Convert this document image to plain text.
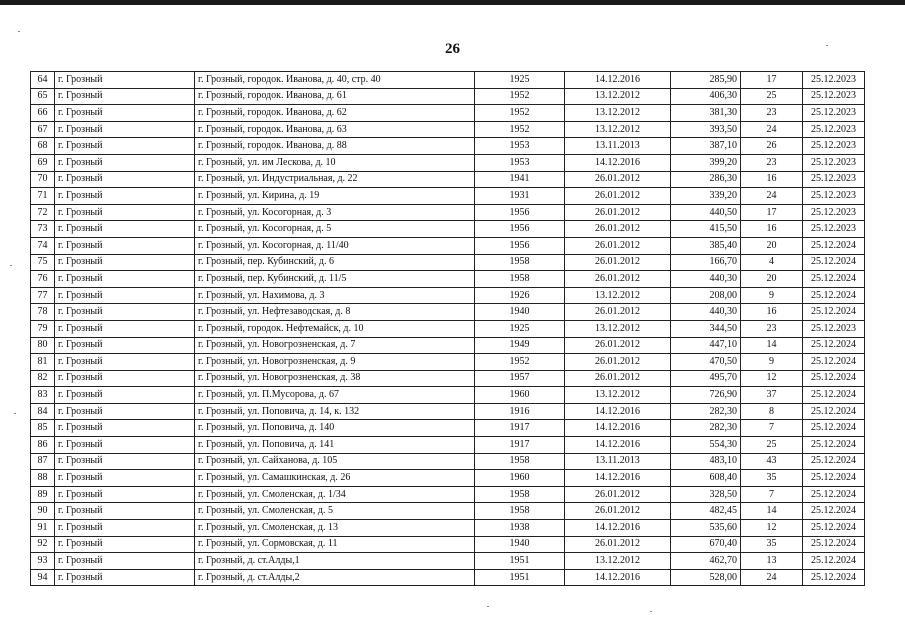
26
64	г. Грозный	г. Грозный, городок. Иванова, д. 40, стр. 40	1925	14.12.2016	285,90	17	25.12.2023
65	г. Грозный	г. Грозный, городок. Иванова, д. 61	1952	13.12.2012	406,30	25	25.12.2023
66	г. Грозный	г. Грозный, городок. Иванова, д. 62	1952	13.12.2012	381,30	23	25.12.2023
67	г. Грозный	г. Грозный, городок. Иванова, д. 63	1952	13.12.2012	393,50	24	25.12.2023
68	г. Грозный	г. Грозный, городок. Иванова, д. 88	1953	13.11.2013	387,10	26	25.12.2023
69	г. Грозный	г. Грозный, ул. им Лескова, д. 10	1953	14.12.2016	399,20	23	25.12.2023
70	г. Грозный	г. Грозный, ул. Индустриальная, д. 22	1941	26.01.2012	286,30	16	25.12.2023
71	г. Грозный	г. Грозный, ул. Кирина, д. 19	1931	26.01.2012	339,20	24	25.12.2023
72	г. Грозный	г. Грозный, ул. Косогорная, д. 3	1956	26.01.2012	440,50	17	25.12.2023
73	г. Грозный	г. Грозный, ул. Косогорная, д. 5	1956	26.01.2012	415,50	16	25.12.2023
74	г. Грозный	г. Грозный, ул. Косогорная, д. 11/40	1956	26.01.2012	385,40	20	25.12.2024
75	г. Грозный	г. Грозный, пер. Кубинский, д. 6	1958	26.01.2012	166,70	4	25.12.2024
76	г. Грозный	г. Грозный, пер. Кубинский, д. 11/5	1958	26.01.2012	440,30	20	25.12.2024
77	г. Грозный	г. Грозный, ул. Нахимова, д. 3	1926	13.12.2012	208,00	9	25.12.2024
78	г. Грозный	г. Грозный, ул. Нефтезаводская, д. 8	1940	26.01.2012	440,30	16	25.12.2024
79	г. Грозный	г. Грозный, городок. Нефтемайск, д. 10	1925	13.12.2012	344,50	23	25.12.2023
80	г. Грозный	г. Грозный, ул. Новогрозненская, д. 7	1949	26.01.2012	447,10	14	25.12.2024
81	г. Грозный	г. Грозный, ул. Новогрозненская, д. 9	1952	26.01.2012	470,50	9	25.12.2024
82	г. Грозный	г. Грозный, ул. Новогрозненская, д. 38	1957	26.01.2012	495,70	12	25.12.2024
83	г. Грозный	г. Грозный, ул. П.Мусорова, д. 67	1960	13.12.2012	726,90	37	25.12.2024
84	г. Грозный	г. Грозный, ул. Поповича, д. 14, к. 132	1916	14.12.2016	282,30	8	25.12.2024
85	г. Грозный	г. Грозный, ул. Поповича, д. 140	1917	14.12.2016	282,30	7	25.12.2024
86	г. Грозный	г. Грозный, ул. Поповича, д. 141	1917	14.12.2016	554,30	25	25.12.2024
87	г. Грозный	г. Грозный, ул. Сайханова, д. 105	1958	13.11.2013	483,10	43	25.12.2024
88	г. Грозный	г. Грозный, ул. Самашкинская, д. 26	1960	14.12.2016	608,40	35	25.12.2024
89	г. Грозный	г. Грозный, ул. Смоленская, д. 1/34	1958	26.01.2012	328,50	7	25.12.2024
90	г. Грозный	г. Грозный, ул. Смоленская, д. 5	1958	26.01.2012	482,45	14	25.12.2024
91	г. Грозный	г. Грозный, ул. Смоленская, д. 13	1938	14.12.2016	535,60	12	25.12.2024
92	г. Грозный	г. Грозный, ул. Сормовская, д. 11	1940	26.01.2012	670,40	35	25.12.2024
93	г. Грозный	г. Грозный, д. ст.Алды,1	1951	13.12.2012	462,70	13	25.12.2024
94	г. Грозный	г. Грозный, д. ст.Алды,2	1951	14.12.2016	528,00	24	25.12.2024
